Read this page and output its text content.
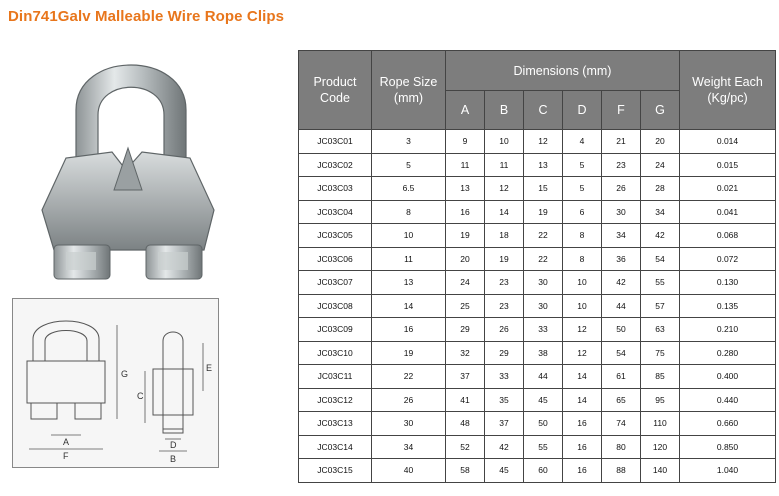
Din741Galv Malleable Wire Rope Clips
G
A
F
C
E
D
B
Product Code	Rope Size (mm)	Dimensions (mm)						Weight Each (Kg/pc)
		A	B	C	D	F	G	
JC03C01	3	9	10	12	4	21	20	0.014
JC03C02	5	11	11	13	5	23	24	0.015
JC03C03	6.5	13	12	15	5	26	28	0.021
JC03C04	8	16	14	19	6	30	34	0.041
JC03C05	10	19	18	22	8	34	42	0.068
JC03C06	11	20	19	22	8	36	54	0.072
JC03C07	13	24	23	30	10	42	55	0.130
JC03C08	14	25	23	30	10	44	57	0.135
JC03C09	16	29	26	33	12	50	63	0.210
JC03C10	19	32	29	38	12	54	75	0.280
JC03C11	22	37	33	44	14	61	85	0.400
JC03C12	26	41	35	45	14	65	95	0.440
JC03C13	30	48	37	50	16	74	110	0.660
JC03C14	34	52	42	55	16	80	120	0.850
JC03C15	40	58	45	60	16	88	140	1.040
